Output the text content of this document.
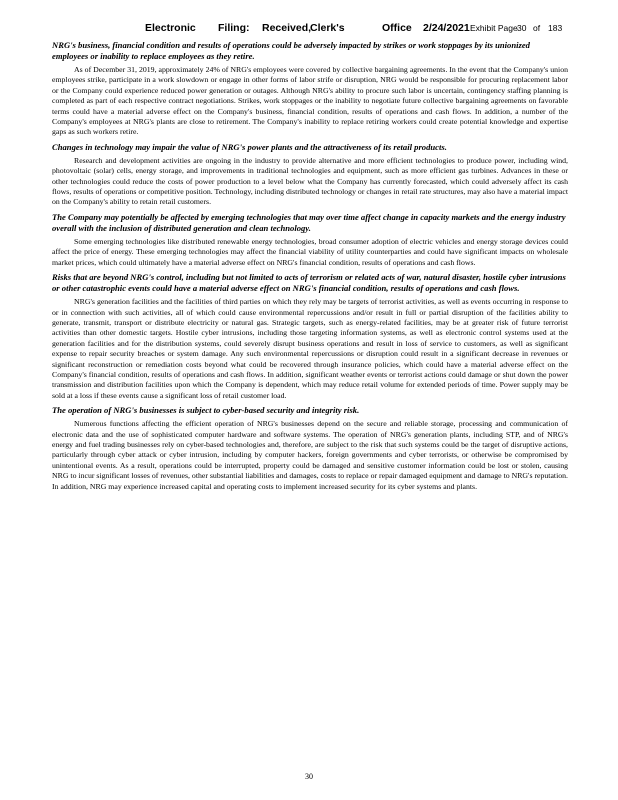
Electronic Filing: Received,
Clerk's	Office 2/24/2021 Exhibit Page 30 of 183

NRG's business, financial condition and results of operations could be adversely impacted by strikes or work stoppages by its unionized employees or inability to replace employees as they retire.

As of December 31, 2019, approximately 24% of NRG's employees were covered by collective bargaining agreements. In the event that the Company's union employees strike, participate in a work slowdown or engage in other forms of labor strife or disruption, NRG would be responsible for procuring replacement labor or the Company could experience reduced power generation or outages. Although NRG's ability to procure such labor is uncertain, contingency staffing planning is completed as part of each respective contract negotiations. Strikes, work stoppages or the inability to negotiate future collective bargaining agreements on favorable terms could have a material adverse effect on the Company's business, financial condition, results of operations and cash flows. In addition, a number of the Company's employees at NRG's plants are close to retirement. The Company's inability to replace retiring workers could create potential knowledge and expertise gaps as such workers retire.

Changes in technology may impair the value of NRG's power plants and the attractiveness of its retail products.

Research and development activities are ongoing in the industry to provide alternative and more efficient technologies to produce power, including wind, photovoltaic (solar) cells, energy storage, and improvements in traditional technologies and equipment, such as more efficient gas turbines. Advances in these or other technologies could reduce the costs of power production to a level below what the Company has currently forecasted, which could adversely affect its cash flows, results of operations or competitive position. Technology, including distributed technology or changes in retail rate structures, may also have a material impact on the Company's ability to retain retail customers.

The Company may potentially be affected by emerging technologies that may over time affect change in capacity markets and the energy industry overall with the inclusion of distributed generation and clean technology.

Some emerging technologies like distributed renewable energy technologies, broad consumer adoption of electric vehicles and energy storage devices could affect the price of energy. These emerging technologies may affect the financial viability of utility counterparties and could have significant impacts on wholesale market prices, which could ultimately have a material adverse effect on NRG's financial condition, results of operations and cash flows.

Risks that are beyond NRG's control, including but not limited to acts of terrorism or related acts of war, natural disaster, hostile cyber intrusions or other catastrophic events could have a material adverse effect on NRG's financial condition, results of operations and cash flows.

NRG's generation facilities and the facilities of third parties on which they rely may be targets of terrorist activities, as well as events occurring in response to or in connection with such activities, all of which could cause environmental repercussions and/or result in full or partial disruption of the facilities ability to generate, transmit, transport or distribute electricity or natural gas. Strategic targets, such as energy-related facilities, may be at greater risk of future terrorist activities than other domestic targets. Hostile cyber intrusions, including those targeting information systems, as well as electronic control systems used at the generation facilities and for the distribution systems, could severely disrupt business operations and result in loss of service to customers, as well as significant expense to repair security breaches or system damage. Any such environmental repercussions or disruption could result in a significant decrease in revenues or significant reconstruction or remediation costs beyond what could be recovered through insurance policies, which could have a material adverse effect on the Company's financial condition, results of operations and cash flows. In addition, significant weather events or terrorist actions could damage or shut down the power transmission and distribution facilities upon which the Company is dependent, which may reduce retail volume for extended periods of time. Power supply may be sold at a loss if these events cause a significant loss of retail customer load.

The operation of NRG's businesses is subject to cyber-based security and integrity risk.

Numerous functions affecting the efficient operation of NRG's businesses depend on the secure and reliable storage, processing and communication of electronic data and the use of sophisticated computer hardware and software systems. The operation of NRG's generation plants, including STP, and of NRG's energy and fuel trading businesses rely on cyber-based technologies and, therefore, are subject to the risk that such systems could be the target of disruptive actions, particularly through cyber attack or cyber intrusion, including by computer hackers, foreign governments and cyber terrorists, or otherwise be compromised by unintentional events. As a result, operations could be interrupted, property could be damaged and sensitive customer information could be lost or stolen, causing NRG to incur significant losses of revenues, other substantial liabilities and damages, costs to replace or repair damaged equipment and damage to NRG's reputation. In addition, NRG may experience increased capital and operating costs to implement increased security for its cyber systems and plants.

30
